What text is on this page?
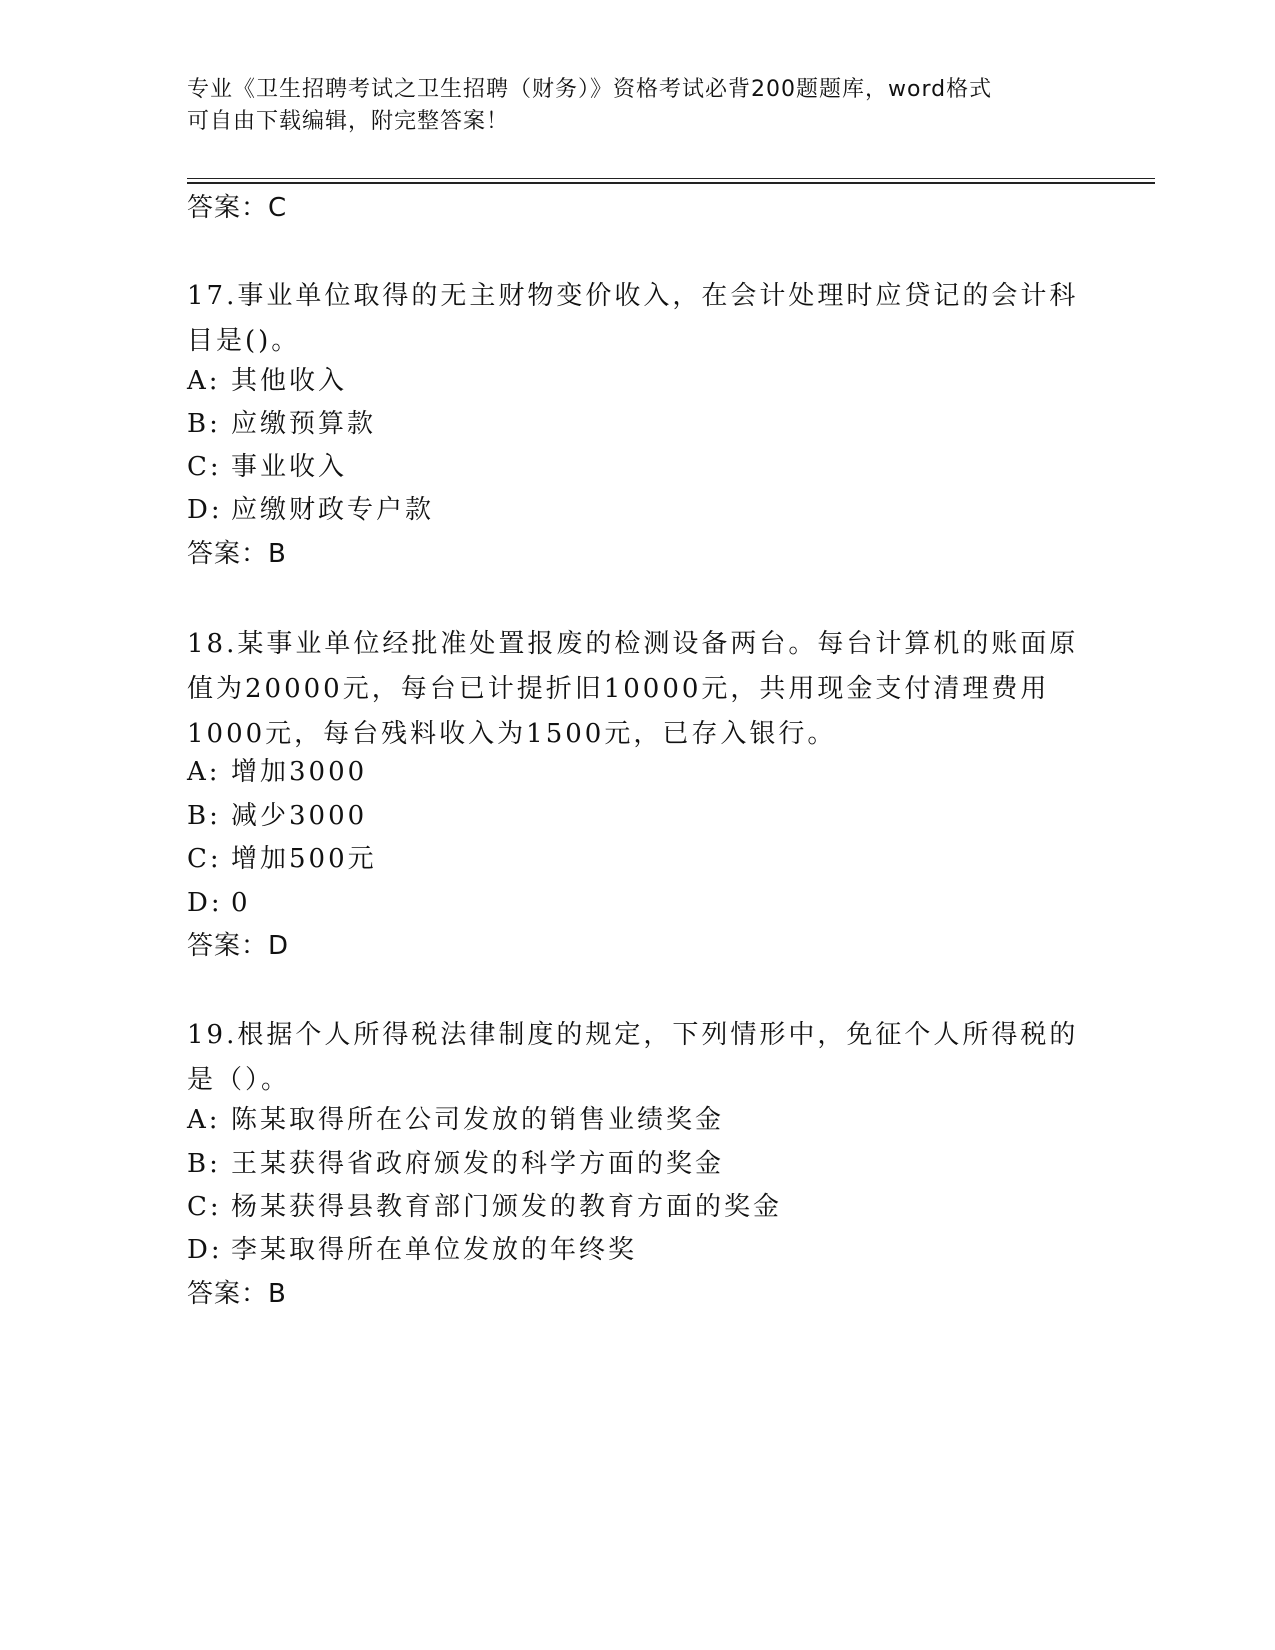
专业《卫生招聘考试之卫生招聘（财务）》资格考试必背200题题库，word格式
可自由下载编辑，附完整答案！
答案：C
17.事业单位取得的无主财物变价收入，在会计处理时应贷记的会计科
目是()。
A: 其他收入
B: 应缴预算款
C: 事业收入
D: 应缴财政专户款
答案：B
18.某事业单位经批准处置报废的检测设备两台。每台计算机的账面原
值为20000元，每台已计提折旧10000元，共用现金支付清理费用
1000元，每台残料收入为1500元，已存入银行。
A: 增加3000
B: 减少3000
C: 增加500元
D: 0
答案：D
19.根据个人所得税法律制度的规定，下列情形中，免征个人所得税的
是（）。
A: 陈某取得所在公司发放的销售业绩奖金
B: 王某获得省政府颁发的科学方面的奖金
C: 杨某获得县教育部门颁发的教育方面的奖金
D: 李某取得所在单位发放的年终奖
答案：B
